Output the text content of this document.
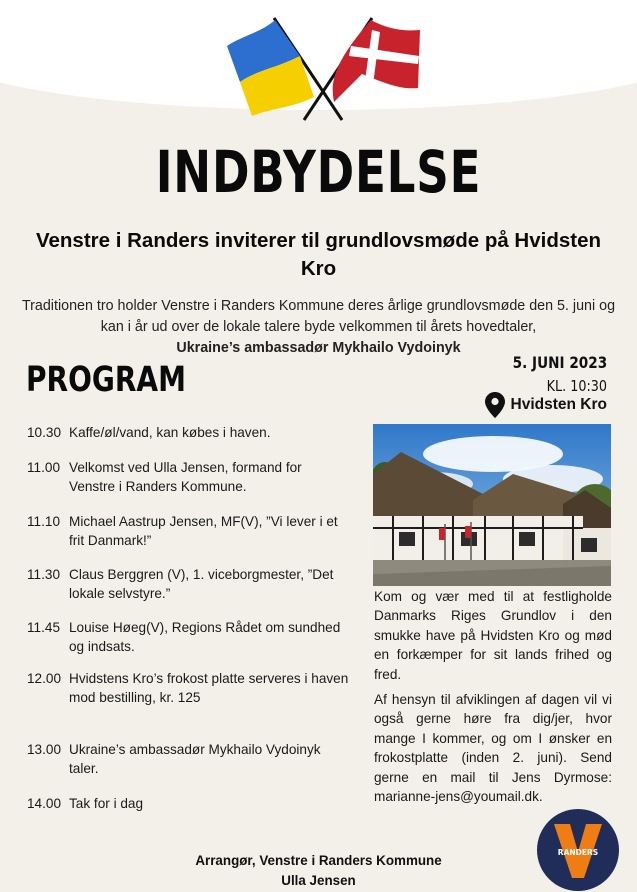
INDBYDELSE
Venstre i Randers inviterer til grundlovsmøde på Hvidsten Kro
Traditionen tro holder Venstre i Randers Kommune deres årlige grundlovsmøde den 5. juni og kan i år ud over de lokale talere byde velkommen til årets hovedtaler,
Ukraine’s ambassadør Mykhailo Vydoinyk
PROGRAM	5. JUNI 2023
KL. 10:30
Hvidsten Kro
10.30 Kaffe/øl/vand, kan købes i haven.
11.00 Velkomst ved Ulla Jensen, formand for Venstre i Randers Kommune.
11.10 Michael Aastrup Jensen, MF(V), ”Vi lever i et frit Danmark!”
11.30 Claus Berggren (V), 1. viceborgmester, ”Det lokale selvstyre.”
11.45 Louise Høeg(V), Regions Rådet om sundhed og indsats.
12.00 Hvidstens Kro’s frokost platte serveres i haven mod bestilling, kr. 125
13.00 Ukraine’s ambassadør Mykhailo Vydoinyk taler.
14.00 Tak for i dag
Kom og vær med til at festligholde Danmarks Riges Grundlov i den smukke have på Hvidsten Kro og mød en forkæmper for sit lands frihed og fred.
Af hensyn til afviklingen af dagen vil vi også gerne høre fra dig/jer, hvor mange I kommer, og om I ønsker en frokostplatte (inden 2. juni). Send gerne en mail til Jens Dyrmose: marianne-jens@youmail.dk.
Arrangør, Venstre i Randers Kommune
Ulla Jensen
RANDERS
